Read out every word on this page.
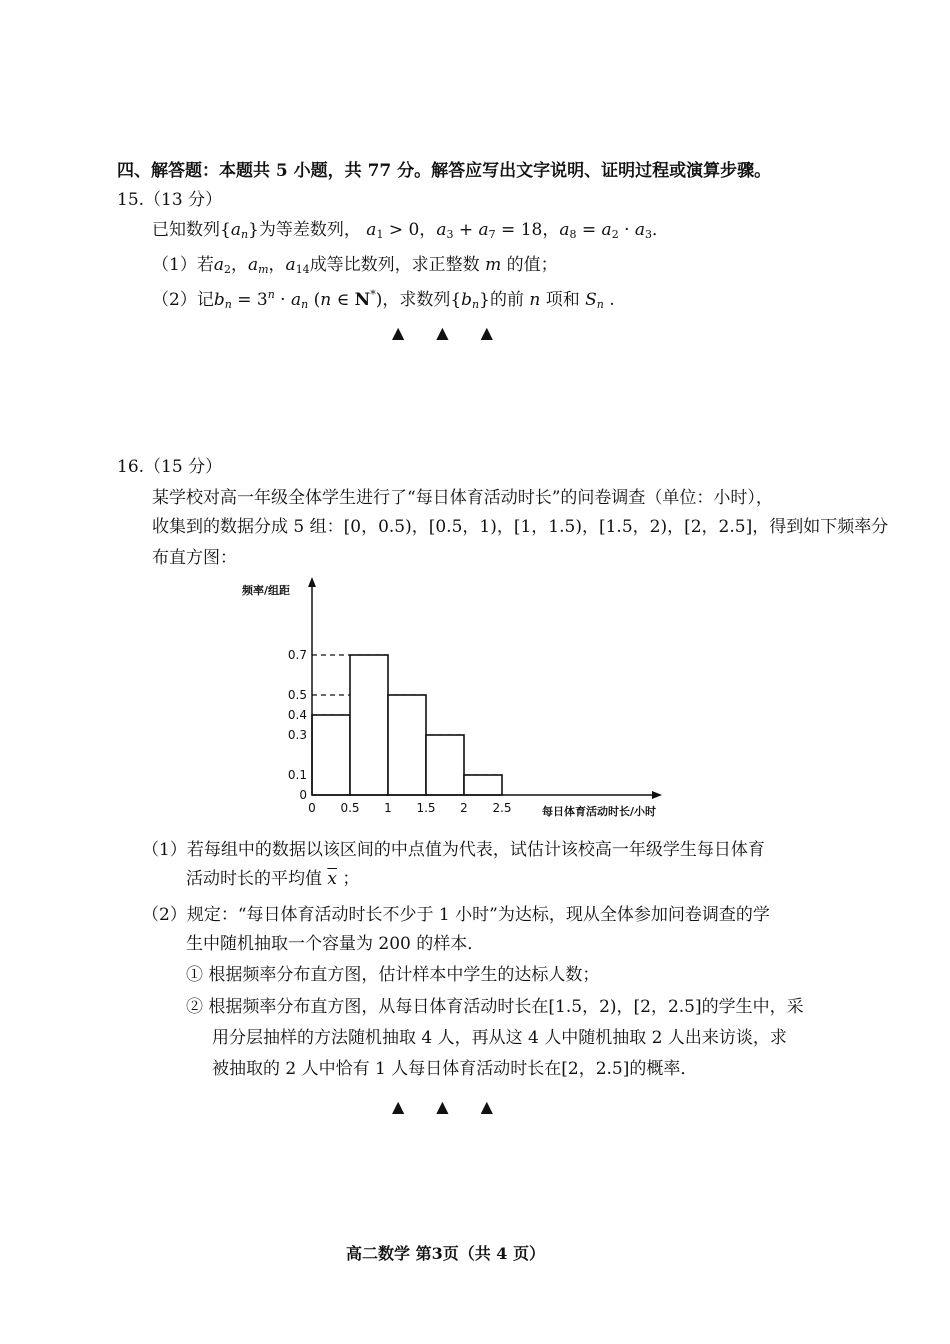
四、解答题：本题共 5 小题，共 77 分。解答应写出文字说明、证明过程或演算步骤。
15.（13 分）
已知数列$\{a_n\}$为等差数列， $a_1 > 0$，$a_3 + a_7 = 18$，$a_8 = a_2 \cdot a_3$．
（1）若$a_2$，$a_m$，$a_{14}$成等比数列，求正整数 m 的值；
（2）记$b_n = 3^n \cdot a_n$ (n ∈ N*)，求数列$\{b_n\}$的前 n 项和 $S_n$ .
▲　　▲　　▲
16.（15 分）
某学校对高一年级全体学生进行了“每日体育活动时长”的问卷调查（单位：小时），
收集到的数据分成 5 组：[0，0.5)，[0.5，1)，[1，1.5)，[1.5，2)，[2，2.5]，得到如下频率分
布直方图：
频率/组距
每日体育活动时长/小时
0
0.1
0.3
0.4
0.5
0.7
0 0.5 1 1.5 2 2.5
（1）若每组中的数据以该区间的中点值为代表，试估计该校高一年级学生每日体育
活动时长的平均值 $\overline{x}$ ；
（2）规定：“每日体育活动时长不少于 1 小时”为达标，现从全体参加问卷调查的学
生中随机抽取一个容量为 200 的样本．
① 根据频率分布直方图，估计样本中学生的达标人数；
② 根据频率分布直方图，从每日体育活动时长在[1.5，2)，[2，2.5]的学生中，采
用分层抽样的方法随机抽取 4 人，再从这 4 人中随机抽取 2 人出来访谈，求
被抽取的 2 人中恰有 1 人每日体育活动时长在[2，2.5]的概率．
▲　　▲　　▲
高二数学 第3页（共 4 页）
